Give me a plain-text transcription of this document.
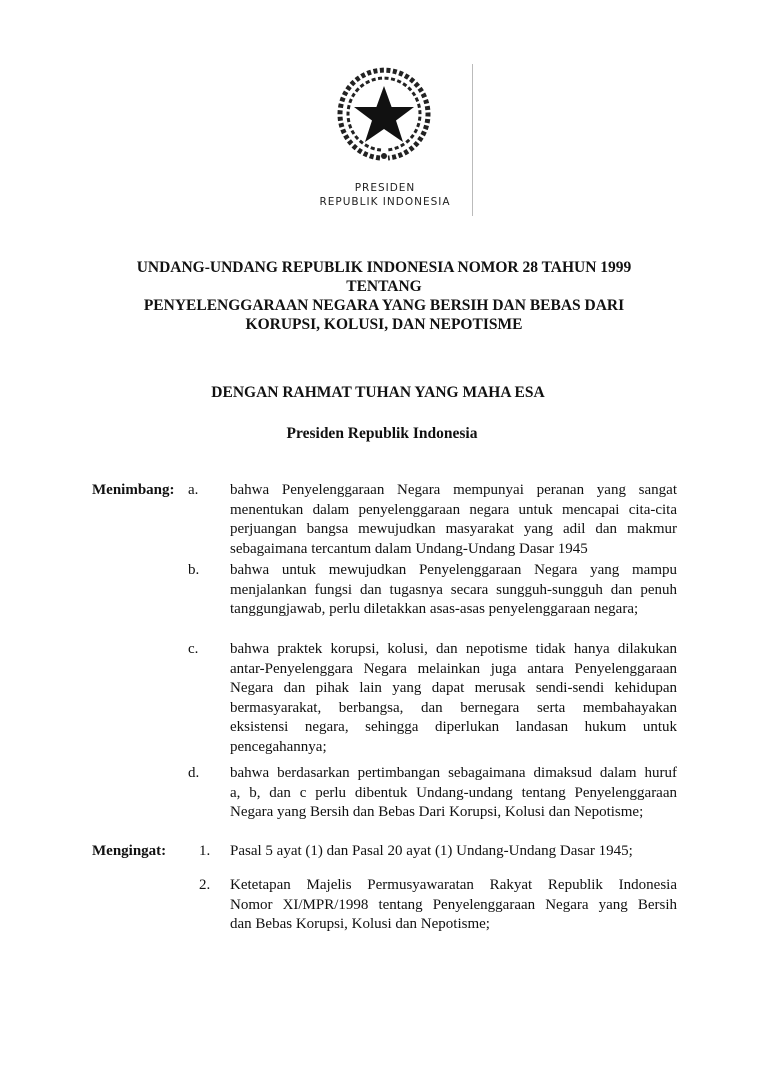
PRESIDEN
REPUBLIK INDONESIA
UNDANG-UNDANG REPUBLIK INDONESIA NOMOR 28 TAHUN 1999
TENTANG
PENYELENGGARAAN NEGARA YANG BERSIH DAN BEBAS DARI
KORUPSI, KOLUSI, DAN NEPOTISME
DENGAN RAHMAT TUHAN YANG MAHA ESA
Presiden Republik Indonesia
Menimbang:
Mengingat:
a. bahwa Penyelenggaraan Negara mempunyai peranan yang sangat
menentukan dalam penyelenggaraan negara untuk mencapai cita-cita
perjuangan bangsa mewujudkan masyarakat yang adil dan makmur
sebagaimana tercantum dalam Undang-Undang Dasar 1945
b. bahwa untuk mewujudkan Penyelenggaraan Negara yang mampu
menjalankan fungsi dan tugasnya secara sungguh-sungguh dan penuh
tanggungjawab, perlu diletakkan asas-asas penyelenggaraan negara;
c. bahwa praktek korupsi, kolusi, dan nepotisme tidak hanya dilakukan
antar-Penyelenggara Negara melainkan juga antara Penyelenggaraan
Negara dan pihak lain yang dapat merusak sendi-sendi kehidupan
bermasyarakat, berbangsa, dan bernegara serta membahayakan
eksistensi negara, sehingga diperlukan landasan hukum untuk
pencegahannya;
d. bahwa berdasarkan pertimbangan sebagaimana dimaksud dalam huruf
a, b, dan c perlu dibentuk Undang-undang tentang Penyelenggaraan
Negara yang Bersih dan Bebas Dari Korupsi, Kolusi dan Nepotisme;
1. Pasal 5 ayat (1) dan Pasal 20 ayat (1) Undang-Undang Dasar 1945;
2. Ketetapan Majelis Permusyawaratan Rakyat Republik Indonesia
Nomor XI/MPR/1998 tentang Penyelenggaraan Negara yang Bersih
dan Bebas Korupsi, Kolusi dan Nepotisme;
